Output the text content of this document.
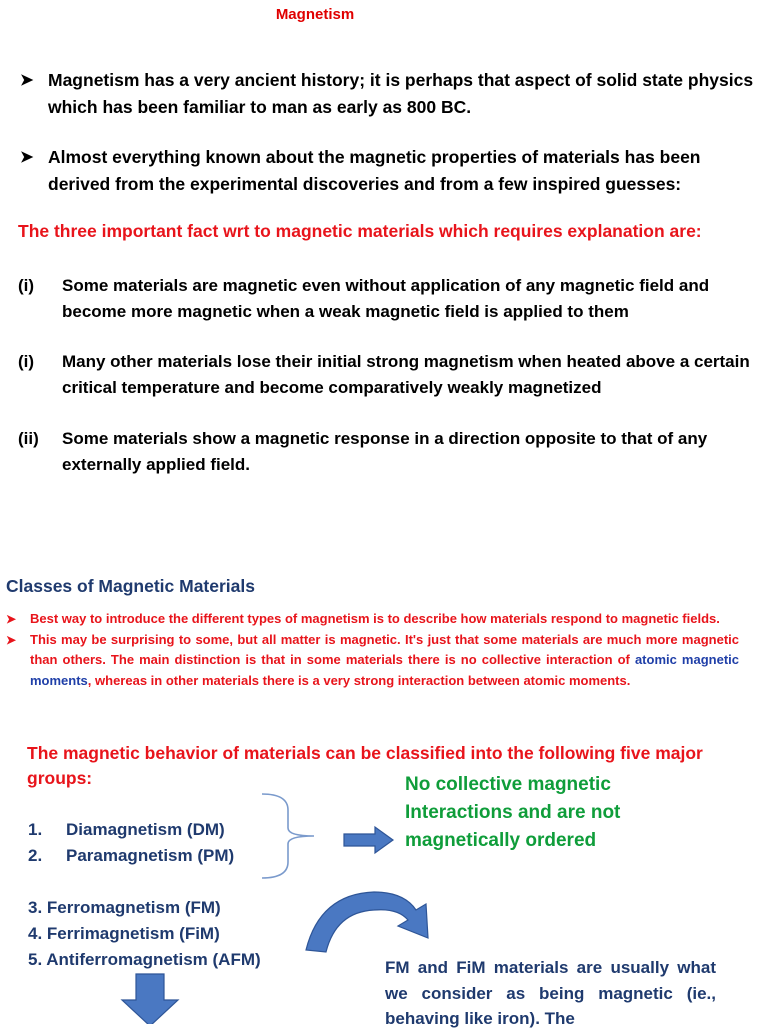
Magnetism
➤ Magnetism has a very ancient history; it is perhaps that aspect of solid state physics which has been familiar to man as early as 800 BC.
➤ Almost everything known about the magnetic properties of materials has been derived from the experimental discoveries and from a few inspired guesses:
The three important fact wrt to magnetic materials which requires explanation are:
(i) Some materials are magnetic even without application of any magnetic field and become more magnetic when a weak magnetic field is applied to them
(i) Many other materials lose their initial strong magnetism when heated above a certain critical temperature and become comparatively weakly magnetized
(ii) Some materials show a magnetic response in a direction opposite to that of any externally applied field.
Classes of Magnetic Materials
➤ Best way to introduce the different types of magnetism is to describe how materials respond to magnetic fields.
➤ This may be surprising to some, but all matter is magnetic. It's just that some materials are much more magnetic than others. The main distinction is that in some materials there is no collective interaction of atomic magnetic moments, whereas in other materials there is a very strong interaction between atomic moments.
The magnetic behavior of materials can be classified into the following five major groups:	No collective magnetic Interactions and are not magnetically ordered
1. Diamagnetism (DM)
2. Paramagnetism (PM)
3. Ferromagnetism (FM)
4. Ferrimagnetism (FiM)
5. Antiferromagnetism (AFM)	FM and FiM materials are usually what we consider as being magnetic (ie., behaving like iron). The
